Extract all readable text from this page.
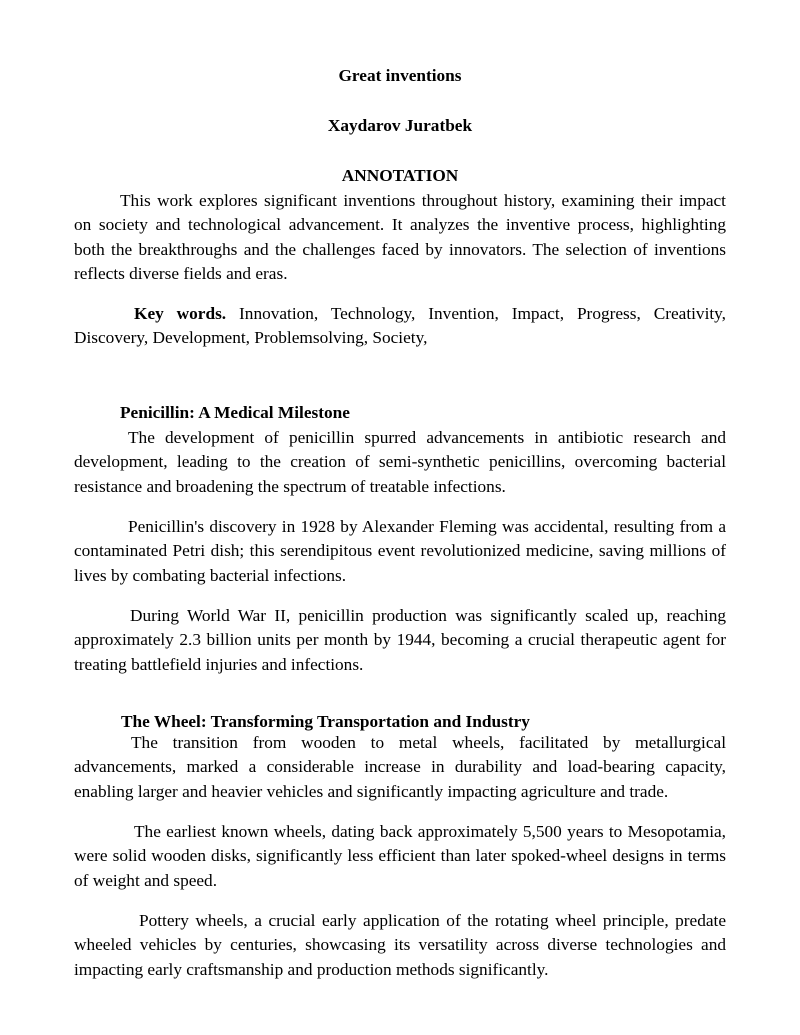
Great inventions

Xaydarov Juratbek

ANNOTATION

This work explores significant inventions throughout history, examining their impact on society and technological advancement. It analyzes the inventive process, highlighting both the breakthroughs and the challenges faced by innovators. The selection of inventions reflects diverse fields and eras.

Key words. Innovation, Technology, Invention, Impact, Progress, Creativity, Discovery, Development, Problemsolving, Society,

Penicillin: A Medical Milestone

The development of penicillin spurred advancements in antibiotic research and development, leading to the creation of semi-synthetic penicillins, overcoming bacterial resistance and broadening the spectrum of treatable infections.

Penicillin's discovery in 1928 by Alexander Fleming was accidental, resulting from a contaminated Petri dish; this serendipitous event revolutionized medicine, saving millions of lives by combating bacterial infections.

During World War II, penicillin production was significantly scaled up, reaching approximately 2.3 billion units per month by 1944, becoming a crucial therapeutic agent for treating battlefield injuries and infections.

The Wheel: Transforming Transportation and Industry

The transition from wooden to metal wheels, facilitated by metallurgical advancements, marked a considerable increase in durability and load-bearing capacity, enabling larger and heavier vehicles and significantly impacting agriculture and trade.

The earliest known wheels, dating back approximately 5,500 years to Mesopotamia, were solid wooden disks, significantly less efficient than later spoked-wheel designs in terms of weight and speed.

Pottery wheels, a crucial early application of the rotating wheel principle, predate wheeled vehicles by centuries, showcasing its versatility across diverse technologies and impacting early craftsmanship and production methods significantly.
